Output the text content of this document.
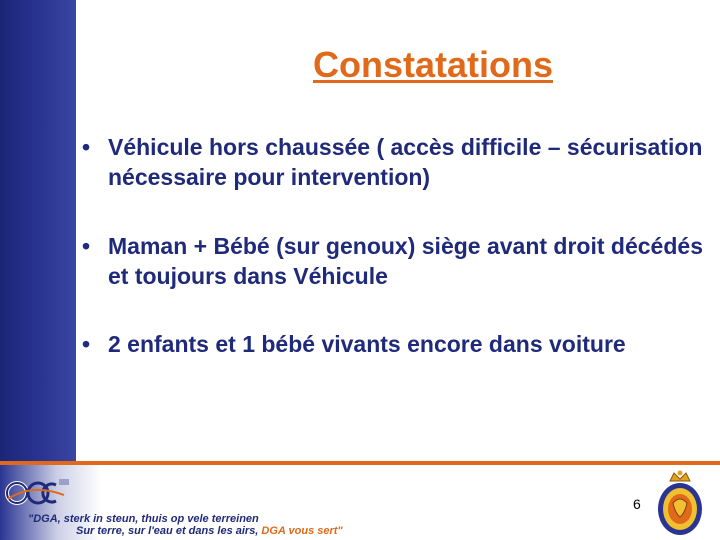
Constatations
• Véhicule hors chaussée ( accès difficile – sécurisation nécessaire pour intervention)
• Maman + Bébé (sur genoux) siège avant droit décédés et toujours dans Véhicule
• 2 enfants et 1 bébé vivants encore dans voiture
"DGA, sterk in steun, thuis op vele terreinen
Sur terre, sur l'eau et dans les airs, DGA vous sert"
6
